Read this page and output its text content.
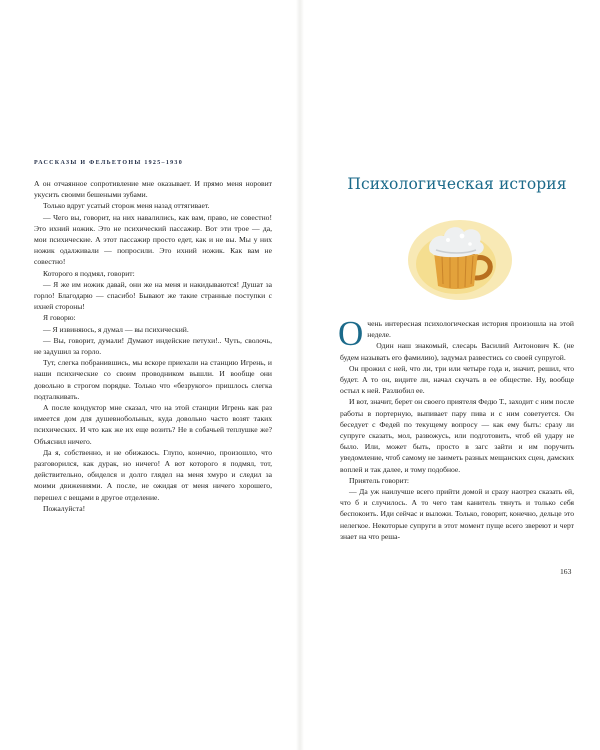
РАССКАЗЫ И ФЕЛЬЕТОНЫ 1925–1930

А он отчаянное сопротивление мне оказывает. И прямо меня норовит укусить своими бешеными зубами.

Только вдруг усатый сторож меня назад оттягивает.

— Чего вы, говорит, на них навалились, как вам, право, не совестно! Это ихний ножик. Это не психический пассажир. Вот эти трое — да, мои психические. А этот пассажир просто едет, как и не вы. Мы у них ножик одалживали — попросили. Это ихний ножик. Как вам не совестно!

Которого я подмял, говорит:

— Я же им ножик давай, они же на меня и накидываются! Душат за горло! Благодарю — спасибо! Бывают же такие странные поступки с ихней стороны!

Я говорю:

— Я извиняюсь, я думал — вы психический.

— Вы, говорит, думали! Думают индейские петухи!.. Чуть, сволочь, не задушил за горло.

Тут, слегка побранившись, мы вскоре приехали на станцию Игрень, и наши психические со своим проводником вышли. И вообще они довольно в строгом порядке. Только что «безрукого» пришлось слегка подталкивать.

А после кондуктор мне сказал, что на этой станции Игрень как раз имеется дом для душевнобольных, куда довольно часто возят таких психических. И что как же их еще возить? Не в собачьей теплушке же? Объяснил ничего.

Да я, собственно, и не обижаюсь. Глупо, конечно, произошло, что разговорился, как дурак, но ничего! А вот которого я подмял, тот, действительно, обиделся и долго глядел на меня хмуро и следил за моими движениями. А после, не ожидая от меня ничего хорошего, перешел с вещами в другое отделение.

Пожалуйста!

Психологическая история

Очень интересная психологическая история произошла на этой неделе.

Один наш знакомый, слесарь Василий Антонович К. (не будем называть его фамилию), задумал развестись со своей супругой.

Он прожил с ней, что ли, три или четыре года и, значит, решил, что будет. А то он, видите ли, начал скучать в ее обществе. Ну, вообще остыл к ней. Разлюбил ее.

И вот, значит, берет он своего приятеля Федю Т., заходит с ним после работы в портерную, выпивает пару пива и с ним советуется. Он беседует с Федей по текущему вопросу — как ему быть: сразу ли супруге сказать, мол, развожусь, или подготовить, чтоб ей удару не было. Или, может быть, просто в загс зайти и им поручить уведомление, чтоб самому не заиметь разных мещанских сцен, дамских воплей и так далее, и тому подобное.

Приятель говорит:

— Да уж наилучше всего прийти домой и сразу наотрез сказать ей, что б и случилось. А то чего там канитель тянуть и только себя беспокоить. Иди сейчас и выложи. Только, говорит, конечно, дельце это нелегкое. Некоторые супруги в этот момент пуще всего звереют и черт знает на что реша-

163
